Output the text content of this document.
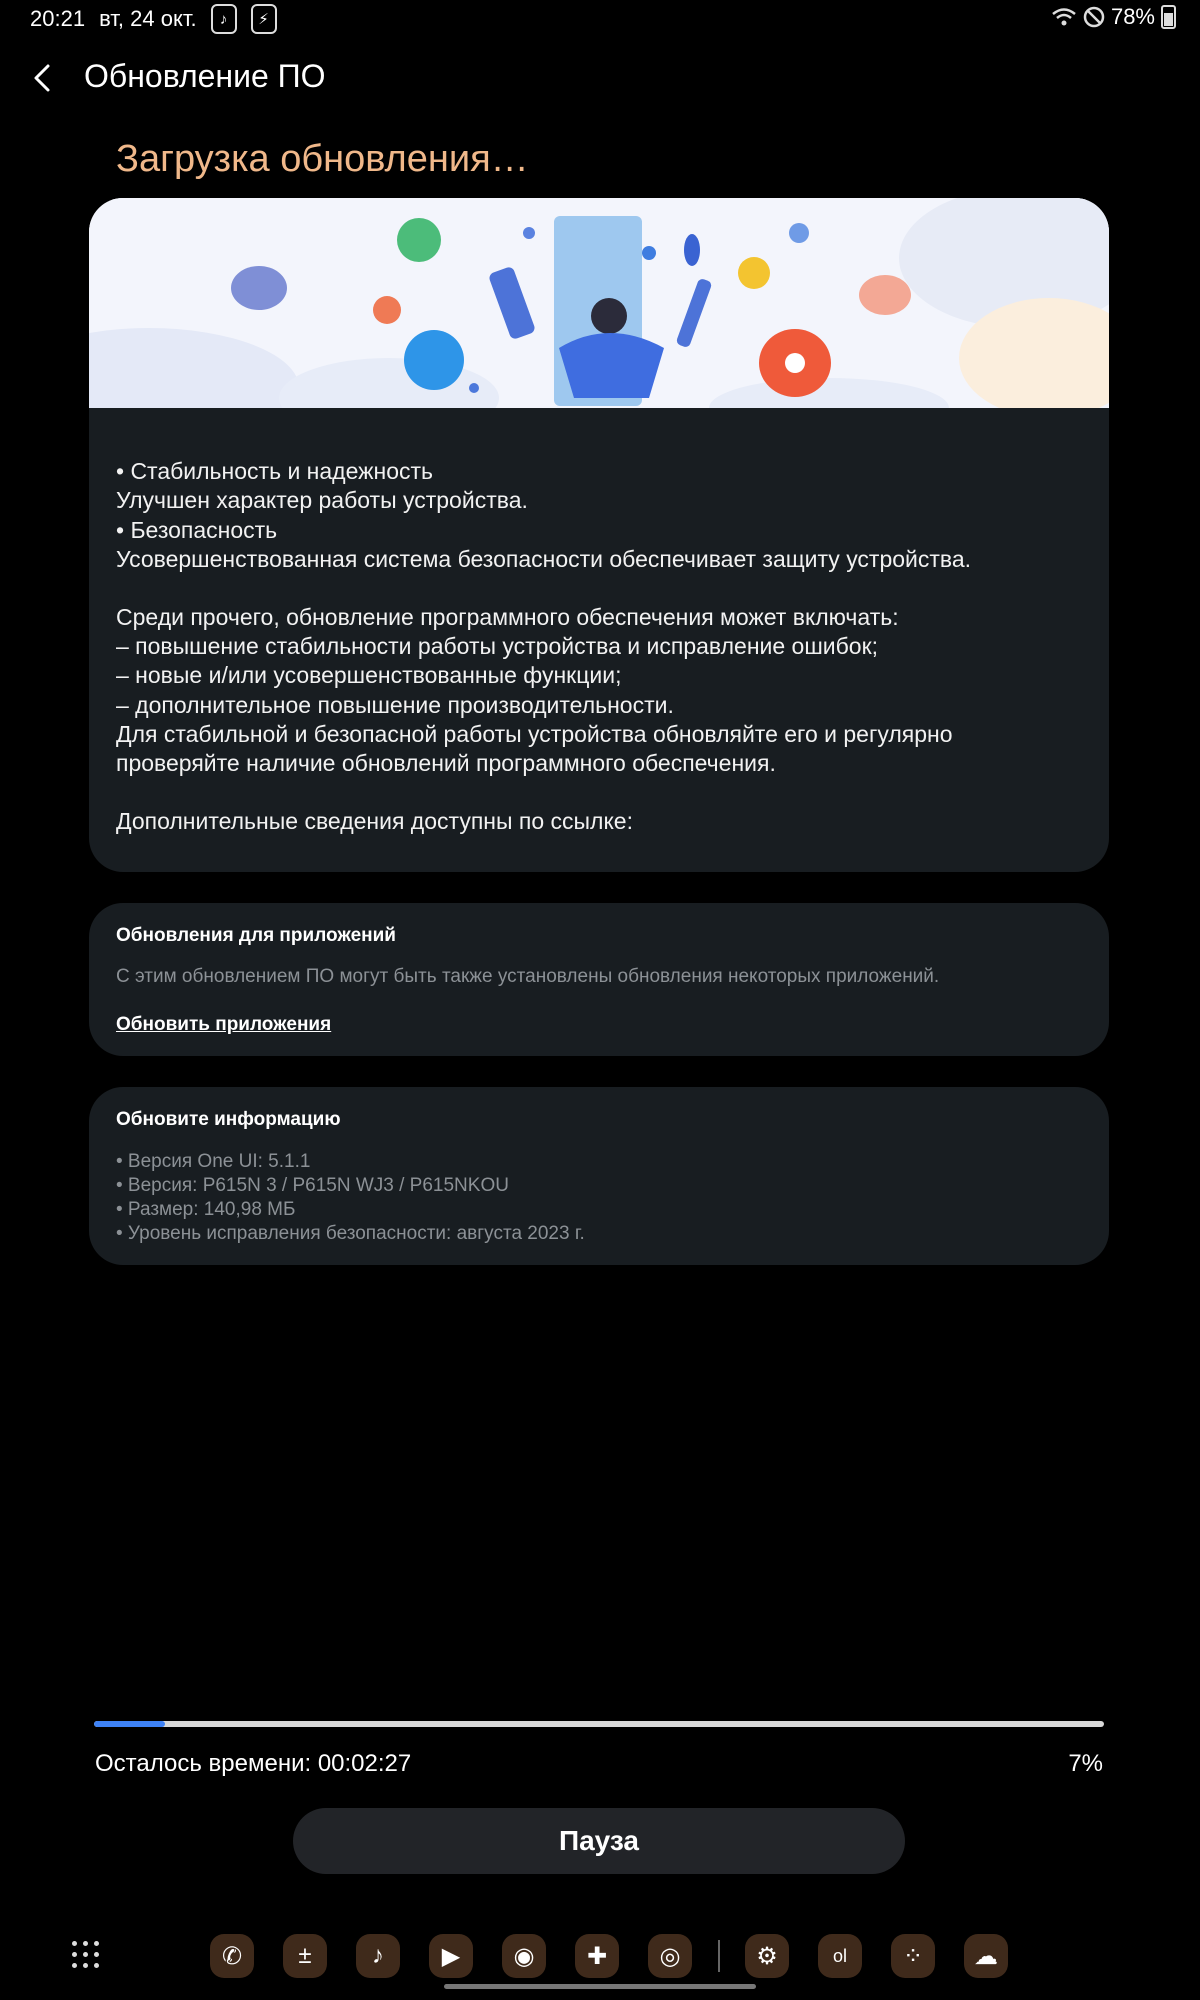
20:21 вт, 24 окт.	♪	⚡	78%
Обновление ПО
Загрузка обновления…

• Стабильность и надежность
Улучшен характер работы устройства.
• Безопасность
Усовершенствованная система безопасности обеспечивает защиту устройства.
Среди прочего, обновление программного обеспечения может включать:
– повышение стабильности работы устройства и исправление ошибок;
– новые и/или усовершенствованные функции;
– дополнительное повышение производительности.
Для стабильной и безопасной работы устройства обновляйте его и регулярно
проверяйте наличие обновлений программного обеспечения.
Дополнительные сведения доступны по ссылке:

Обновления для приложений
С этим обновлением ПО могут быть также установлены обновления некоторых приложений.
Обновить приложения
Обновите информацию
• Версия One UI: 5.1.1
• Версия: P615N 3 / P615N WJ3 / P615NKOU
• Размер: 140,98 МБ
• Уровень исправления безопасности: августа 2023 г.
Осталось времени: 00:02:27	7%
Пауза
✆	±	♪	▶	◉	✚	◎	⚙	ol	⁘	☁
